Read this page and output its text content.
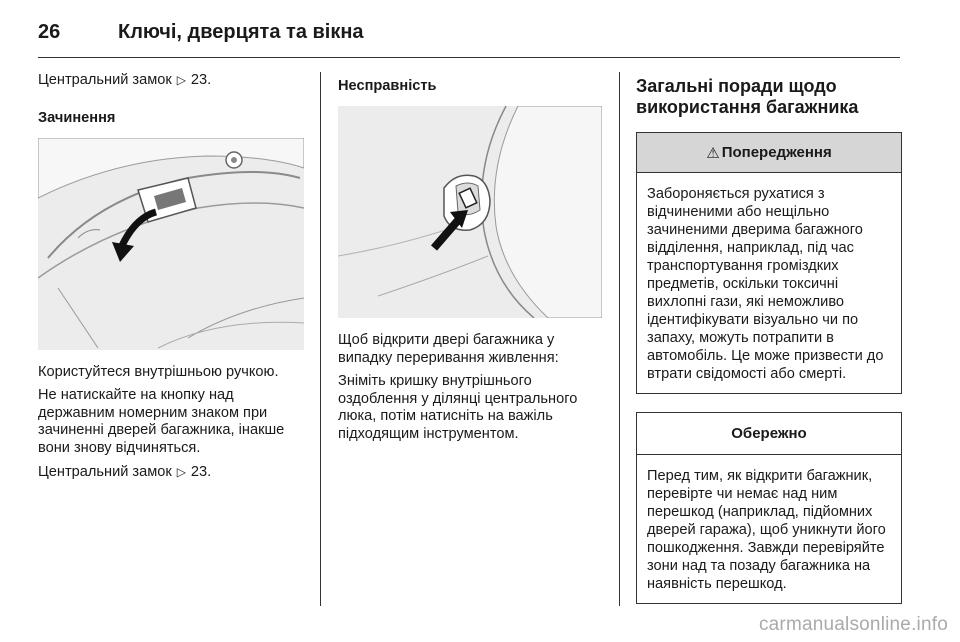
26	Ключі, дверцята та вікна
Центральний замок ▷ 23.
Зачинення
Користуйтеся внутрішньою ручкою.
Не натискайте на кнопку над державним номерним знаком при зачиненні дверей багажника, інакше вони знову відчиняться.
Центральний замок ▷ 23.
Несправність
Щоб відкрити двері багажника у випадку переривання живлення:
Зніміть кришку внутрішнього оздоблення у ділянці центрального люка, потім натисніть на важіль підходящим інструментом.
Загальні поради щодо використання багажника
⚠ Попередження
Забороняється рухатися з відчиненими або нещільно зачиненими дверима багажного відділення, наприклад, під час транспортування громіздких предметів, оскільки токсичні вихлопні гази, які неможливо ідентифікувати візуально чи по запаху, можуть потрапити в автомобіль. Це може призвести до втрати свідомості або смерті.
Обережно
Перед тим, як відкрити багажник, перевірте чи немає над ним перешкод (наприклад, підйомних дверей гаража), щоб уникнути його пошкодження. Завжди перевіряйте зони над та позаду багажника на наявність перешкод.
carmanualsonline.info
